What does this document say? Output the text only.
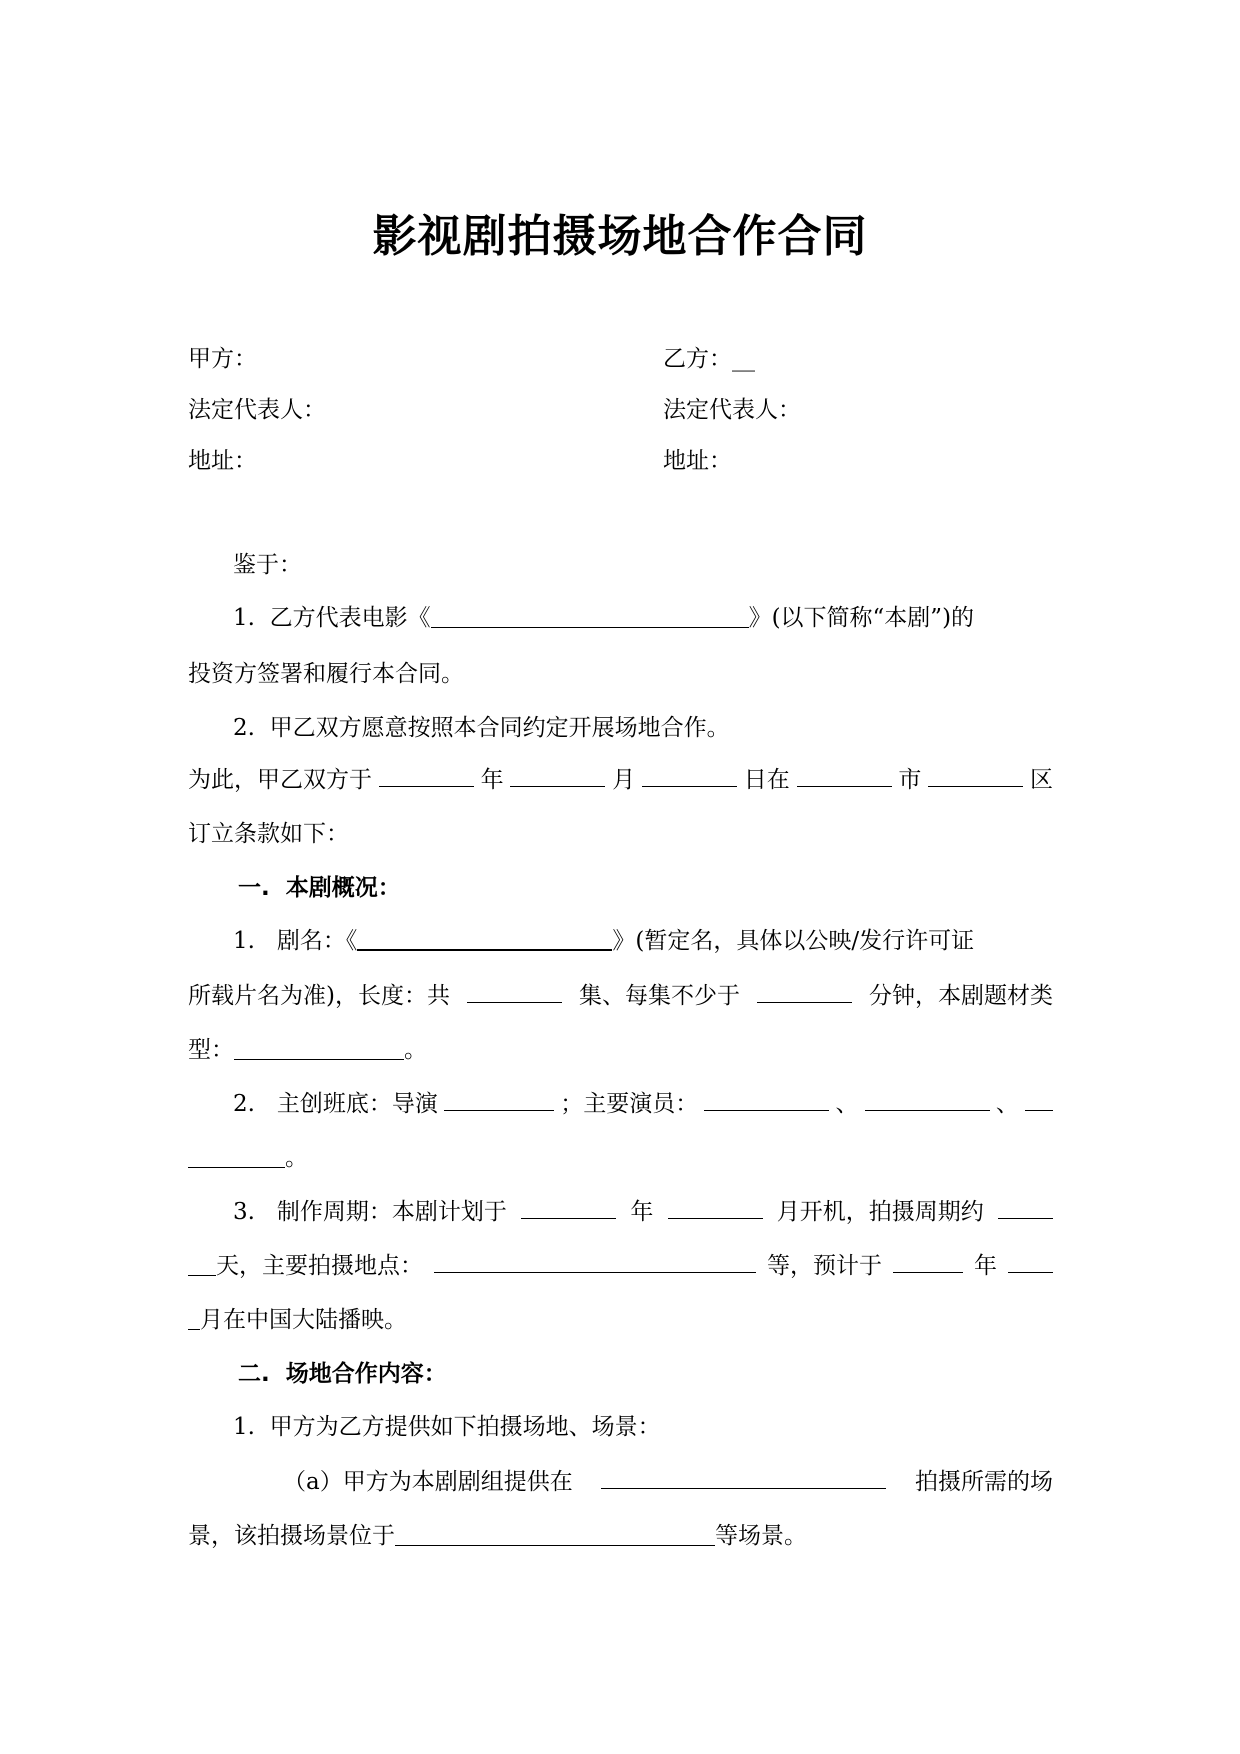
影视剧拍摄场地合作合同
甲方：	乙方：__
法定代表人：	法定代表人：
地址：	地址：
鉴于：
1.  乙方代表电影《	》(以下简称“本剧”)的
投资方签署和履行本合同。
2.  甲乙双方愿意按照本合同约定开展场地合作。
为此，甲乙双方于	年	月	日在	市	区
订立条款如下：
一.  本剧概况：
1.   剧名：《	》(暂定名，具体以公映/发行许可证
所载片名为准)，长度：共	集、每集不少于	分钟，本剧题材类
型：	。
2.   主创班底：导演	；主要演员：	、	、
。
3.   制作周期：本剧计划于	年	月开机，拍摄周期约
天，主要拍摄地点：	等，预计于	年
月在中国大陆播映。
二.  场地合作内容：
1.  甲方为乙方提供如下拍摄场地、场景：
（a）甲方为本剧剧组提供在	拍摄所需的场
景，该拍摄场景位于	等场景。
